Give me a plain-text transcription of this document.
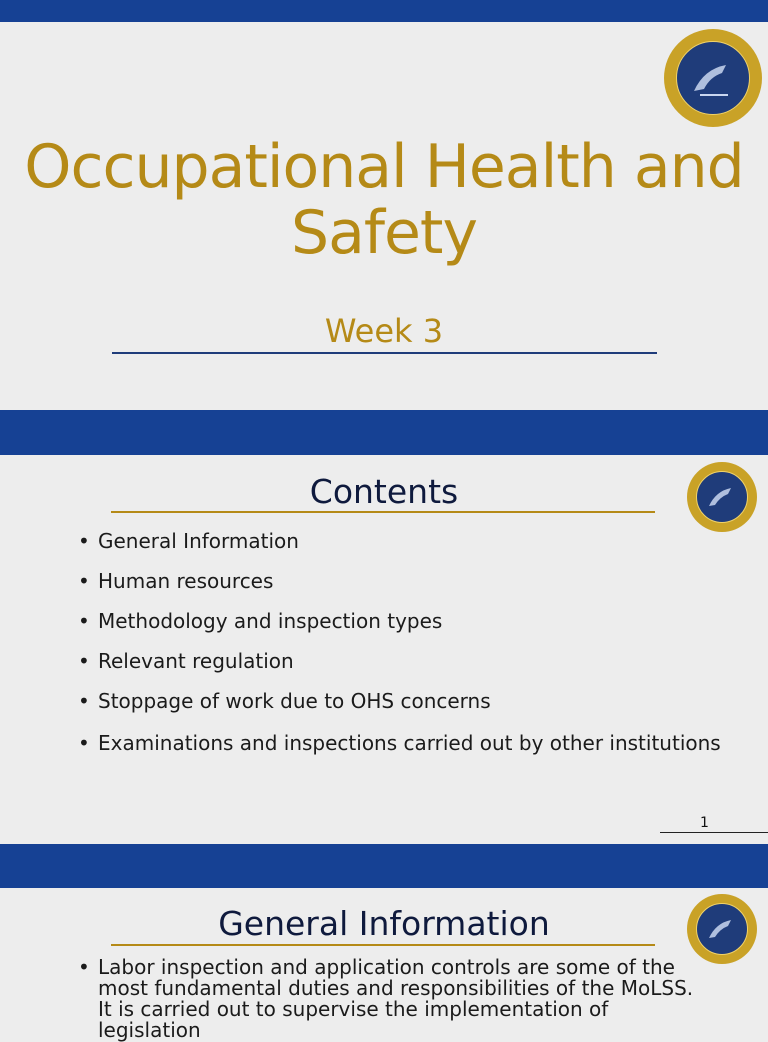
Occupational Health and Safety
Week 3
Contents
• General Information
• Human resources
• Methodology and inspection types
• Relevant regulation
• Stoppage of work due to OHS concerns
• Examinations and inspections carried out by other institutions
1
General Information
• Labor inspection and application controls are some of the most fundamental duties and responsibilities of the MoLSS. It is carried out to supervise the implementation of legislation
